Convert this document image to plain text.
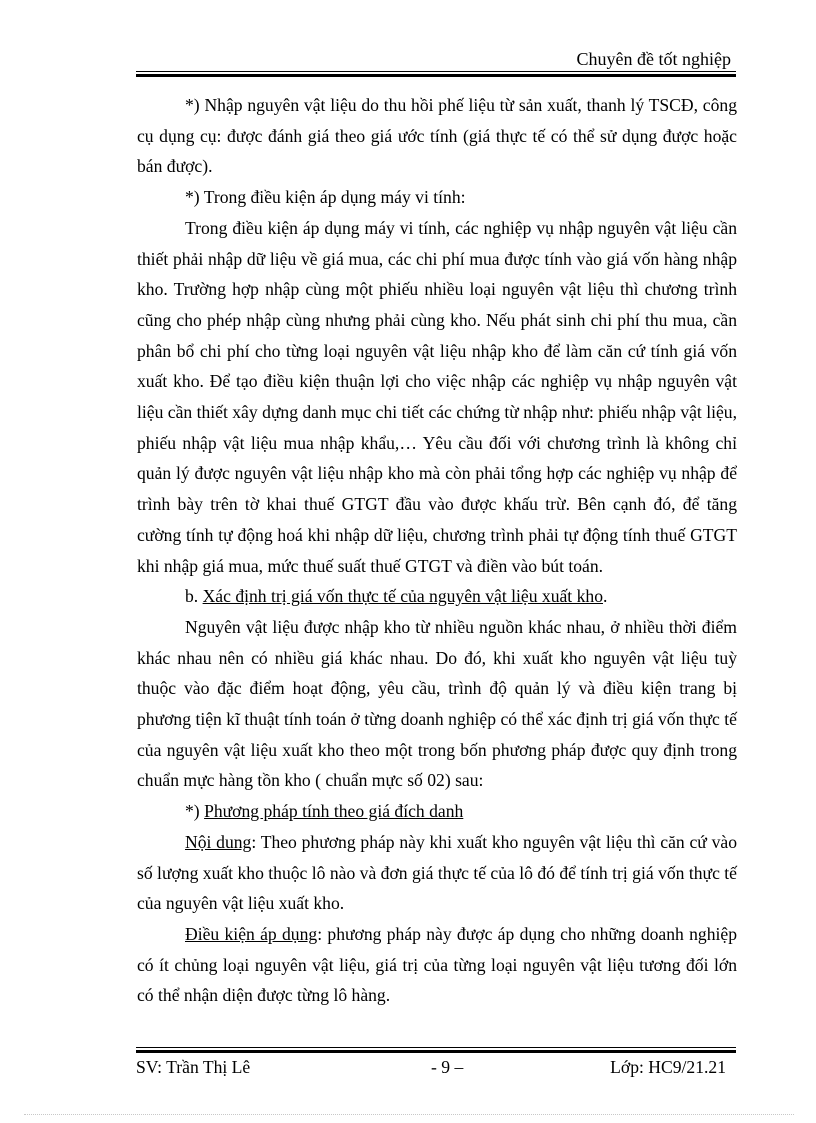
Chuyên đề tốt nghiệp

*) Nhập nguyên vật liệu do thu hồi phế liệu từ sản xuất, thanh lý TSCĐ, công cụ dụng cụ: được đánh giá theo giá ước tính (giá thực tế có thể sử dụng được hoặc bán được).

*) Trong điều kiện áp dụng máy vi tính:

Trong điều kiện áp dụng máy vi tính, các nghiệp vụ nhập nguyên vật liệu cần thiết phải nhập dữ liệu về giá mua, các chi phí mua được tính vào giá vốn hàng nhập kho. Trường hợp nhập cùng một phiếu nhiều loại nguyên vật liệu thì chương trình cũng cho phép nhập cùng nhưng phải cùng kho. Nếu phát sinh chi phí thu mua, cần phân bổ chi phí cho từng loại nguyên vật liệu nhập kho để làm căn cứ tính giá vốn xuất kho. Để tạo điều kiện thuận lợi cho việc nhập các nghiệp vụ nhập nguyên vật liệu cần thiết xây dựng danh mục chi tiết các chứng từ nhập như: phiếu nhập vật liệu, phiếu nhập vật liệu mua nhập khẩu,… Yêu cầu đối với chương trình là không chỉ quản lý được nguyên vật liệu nhập kho mà còn phải tổng hợp các nghiệp vụ nhập để trình bày trên tờ khai thuế GTGT đầu vào được khấu trừ. Bên cạnh đó, để tăng cường tính tự động hoá khi nhập dữ liệu, chương trình phải tự động tính thuế GTGT khi nhập giá mua, mức thuế suất thuế GTGT và điền vào bút toán.

b. Xác định trị giá vốn thực tế của nguyên vật liệu xuất kho.

Nguyên vật liệu được nhập kho từ nhiều nguồn khác nhau, ở nhiều thời điểm khác nhau nên có nhiều giá khác nhau. Do đó, khi xuất kho nguyên vật liệu tuỳ thuộc vào đặc điểm hoạt động, yêu cầu, trình độ quản lý và điều kiện trang bị phương tiện kĩ thuật tính toán ở từng doanh nghiệp có thể xác định trị giá vốn thực tế của nguyên vật liệu xuất kho theo một trong bốn phương pháp được quy định trong chuẩn mực hàng tồn kho ( chuẩn mực số 02) sau:

*) Phương pháp tính theo giá đích danh

Nội dung: Theo phương pháp này khi xuất kho nguyên vật liệu thì căn cứ vào số lượng xuất kho thuộc lô nào và đơn giá thực tế của lô đó để tính trị giá vốn thực tế của nguyên vật liệu xuất kho.

Điều kiện áp dụng: phương pháp này được áp dụng cho những doanh nghiệp có ít chủng loại nguyên vật liệu, giá trị của từng loại nguyên vật liệu tương đối lớn có thể nhận diện được từng lô hàng.

SV: Trần Thị Lê	- 9 –	Lớp: HC9/21.21
